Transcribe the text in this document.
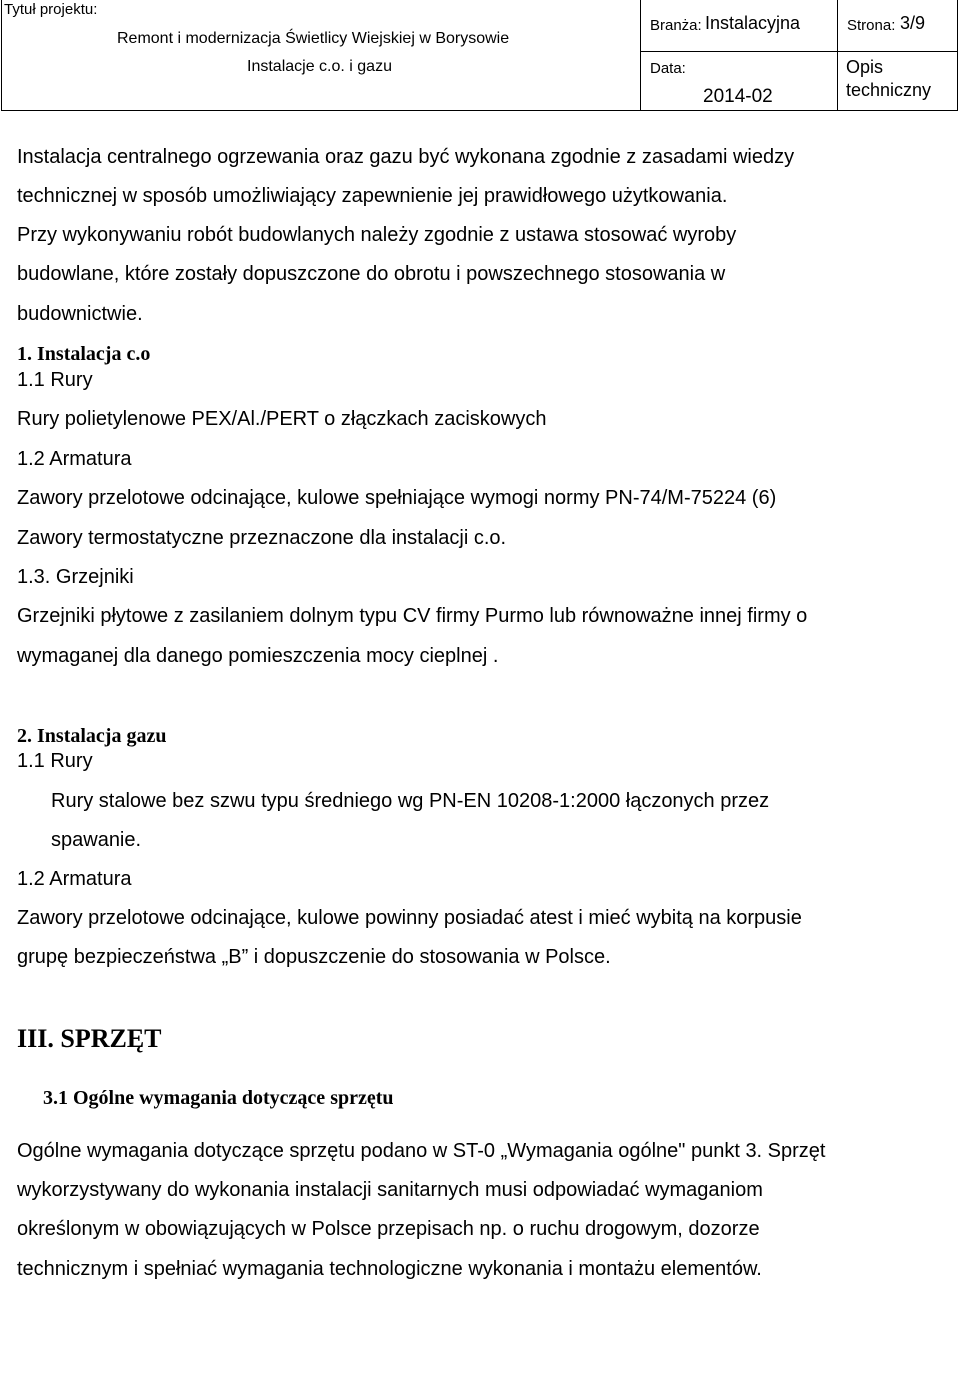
Tytuł projektu:
Remont i modernizacja Świetlicy Wiejskiej w Borysowie
Instalacje c.o. i gazu
Branża: Instalacyjna	Strona: 3/9
Data:
2014-02
Opis
techniczny
Instalacja centralnego ogrzewania oraz gazu być wykonana zgodnie z zasadami wiedzy
technicznej w sposób umożliwiający zapewnienie jej prawidłowego użytkowania.
Przy wykonywaniu robót budowlanych należy zgodnie z ustawa stosować wyroby
budowlane, które zostały dopuszczone do obrotu i powszechnego stosowania w
budownictwie.
1. Instalacja c.o
1.1 Rury
Rury polietylenowe PEX/Al./PERT o złączkach zaciskowych
1.2 Armatura
Zawory przelotowe odcinające, kulowe spełniające wymogi normy PN-74/M-75224 (6)
Zawory termostatyczne przeznaczone dla instalacji c.o.
1.3. Grzejniki
Grzejniki płytowe z zasilaniem dolnym typu CV firmy Purmo lub równoważne innej firmy o
wymaganej dla danego pomieszczenia mocy cieplnej .
2. Instalacja gazu
1.1 Rury
Rury stalowe bez szwu typu średniego wg PN-EN 10208-1:2000 łączonych przez
spawanie.
1.2 Armatura
Zawory przelotowe odcinające, kulowe powinny posiadać atest i mieć wybitą na korpusie
grupę bezpieczeństwa „B” i dopuszczenie do stosowania w Polsce.
III. SPRZĘT
3.1 Ogólne wymagania dotyczące sprzętu
Ogólne wymagania dotyczące sprzętu podano w ST-0 „Wymagania ogólne" punkt 3. Sprzęt
wykorzystywany do wykonania instalacji sanitarnych musi odpowiadać wymaganiom
określonym w obowiązujących w Polsce przepisach np. o ruchu drogowym, dozorze
technicznym i spełniać wymagania technologiczne wykonania i montażu elementów.
